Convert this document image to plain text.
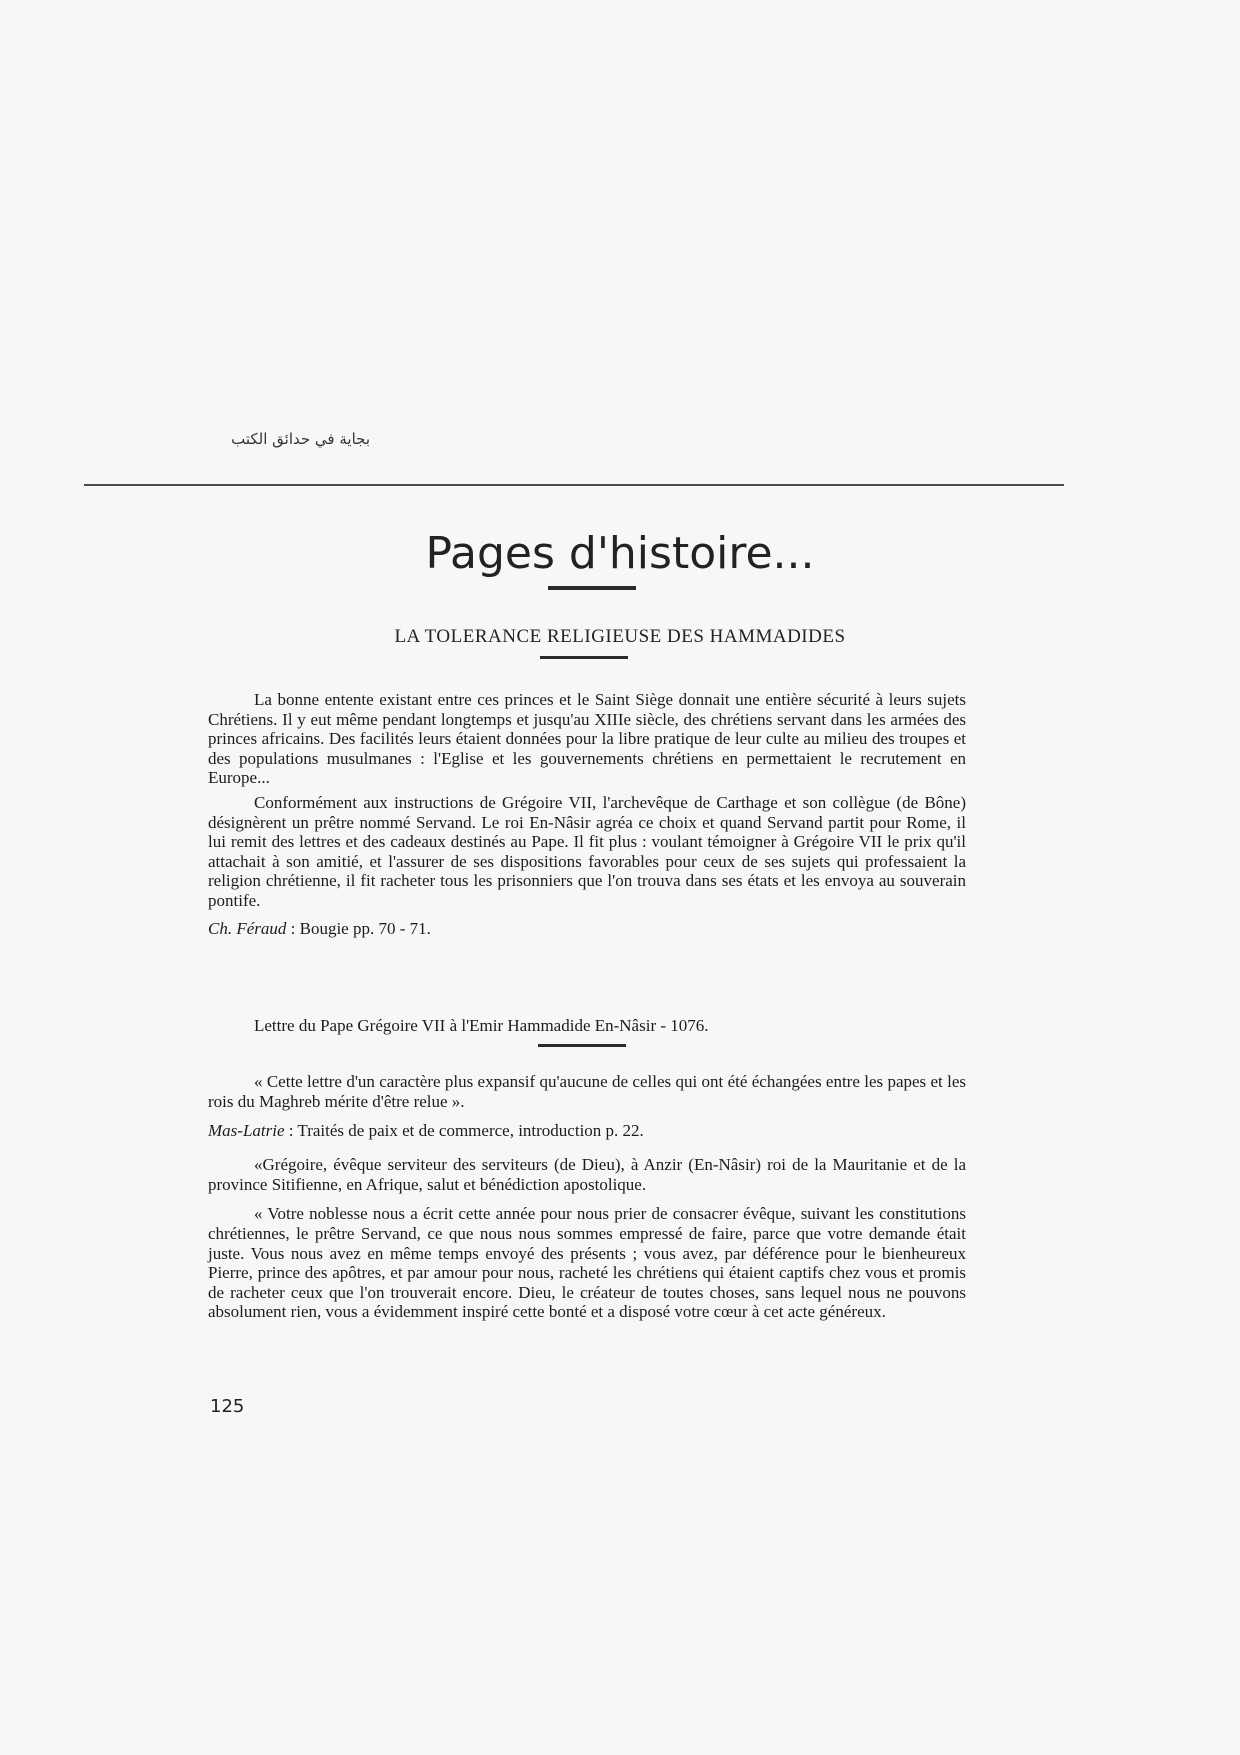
بجاية في حدائق الكتب
Pages d'histoire...
LA TOLERANCE RELIGIEUSE DES HAMMADIDES

La bonne entente existant entre ces princes et le Saint Siège donnait une entière sécurité à leurs sujets Chrétiens. Il y eut même pendant longtemps et jusqu'au XIIIe siècle, des chrétiens servant dans les armées des princes africains. Des facilités leurs étaient données pour la libre pratique de leur culte au milieu des troupes et des populations musulmanes : l'Eglise et les gouvernements chrétiens en permettaient le recrutement en Europe...

Conformément aux instructions de Grégoire VII, l'archevêque de Carthage et son collègue (de Bône) désignèrent un prêtre nommé Servand. Le roi En-Nâsir agréa ce choix et quand Servand partit pour Rome, il lui remit des lettres et des cadeaux destinés au Pape. Il fit plus : voulant témoigner à Grégoire VII le prix qu'il attachait à son amitié, et l'assurer de ses dispositions favorables pour ceux de ses sujets qui professaient la religion chrétienne, il fit racheter tous les prisonniers que l'on trouva dans ses états et les envoya au souverain pontife.

Ch. Féraud : Bougie pp. 70 - 71.

Lettre du Pape Grégoire VII à l'Emir Hammadide En-Nâsir - 1076.

« Cette lettre d'un caractère plus expansif qu'aucune de celles qui ont été échangées entre les papes et les rois du Maghreb mérite d'être relue ».

Mas-Latrie : Traités de paix et de commerce, introduction p. 22.

«Grégoire, évêque serviteur des serviteurs (de Dieu), à Anzir (En-Nâsir) roi de la Mauritanie et de la province Sitifienne, en Afrique, salut et bénédiction apostolique.

« Votre noblesse nous a écrit cette année pour nous prier de consacrer évêque, suivant les constitutions chrétiennes, le prêtre Servand, ce que nous nous sommes empressé de faire, parce que votre demande était juste. Vous nous avez en même temps envoyé des présents ; vous avez, par déférence pour le bienheureux Pierre, prince des apôtres, et par amour pour nous, racheté les chrétiens qui étaient captifs chez vous et promis de racheter ceux que l'on trouverait encore. Dieu, le créateur de toutes choses, sans lequel nous ne pouvons absolument rien, vous a évidemment inspiré cette bonté et a disposé votre cœur à cet acte généreux.

125
